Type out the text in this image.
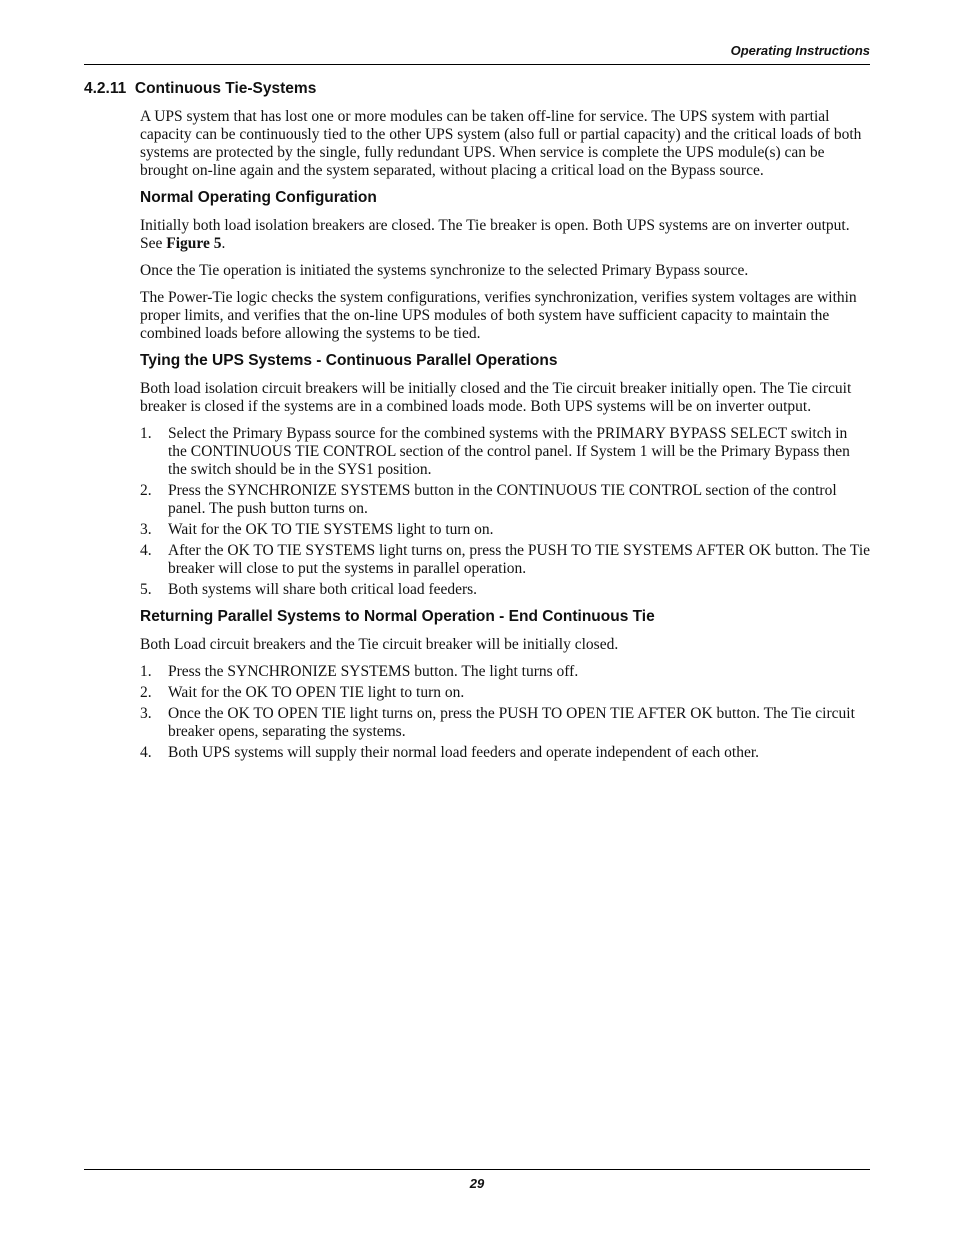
Operating Instructions
4.2.11 Continuous Tie-Systems

A UPS system that has lost one or more modules can be taken off-line for service. The UPS system with partial capacity can be continuously tied to the other UPS system (also full or partial capacity) and the critical loads of both systems are protected by the single, fully redundant UPS. When service is complete the UPS module(s) can be brought on-line again and the system separated, without placing a critical load on the Bypass source.

Normal Operating Configuration

Initially both load isolation breakers are closed. The Tie breaker is open. Both UPS systems are on inverter output. See Figure 5.

Once the Tie operation is initiated the systems synchronize to the selected Primary Bypass source.

The Power-Tie logic checks the system configurations, verifies synchronization, verifies system voltages are within proper limits, and verifies that the on-line UPS modules of both system have sufficient capacity to maintain the combined loads before allowing the systems to be tied.

Tying the UPS Systems - Continuous Parallel Operations

Both load isolation circuit breakers will be initially closed and the Tie circuit breaker initially open. The Tie circuit breaker is closed if the systems are in a combined loads mode. Both UPS systems will be on inverter output.

1. Select the Primary Bypass source for the combined systems with the PRIMARY BYPASS SELECT switch in the CONTINUOUS TIE CONTROL section of the control panel. If System 1 will be the Primary Bypass then the switch should be in the SYS1 position.
2. Press the SYNCHRONIZE SYSTEMS button in the CONTINUOUS TIE CONTROL section of the control panel. The push button turns on.
3. Wait for the OK TO TIE SYSTEMS light to turn on.
4. After the OK TO TIE SYSTEMS light turns on, press the PUSH TO TIE SYSTEMS AFTER OK button. The Tie breaker will close to put the systems in parallel operation.
5. Both systems will share both critical load feeders.
Returning Parallel Systems to Normal Operation - End Continuous Tie

Both Load circuit breakers and the Tie circuit breaker will be initially closed.

1. Press the SYNCHRONIZE SYSTEMS button. The light turns off.
2. Wait for the OK TO OPEN TIE light to turn on.
3. Once the OK TO OPEN TIE light turns on, press the PUSH TO OPEN TIE AFTER OK button. The Tie circuit breaker opens, separating the systems.
4. Both UPS systems will supply their normal load feeders and operate independent of each other.
29
